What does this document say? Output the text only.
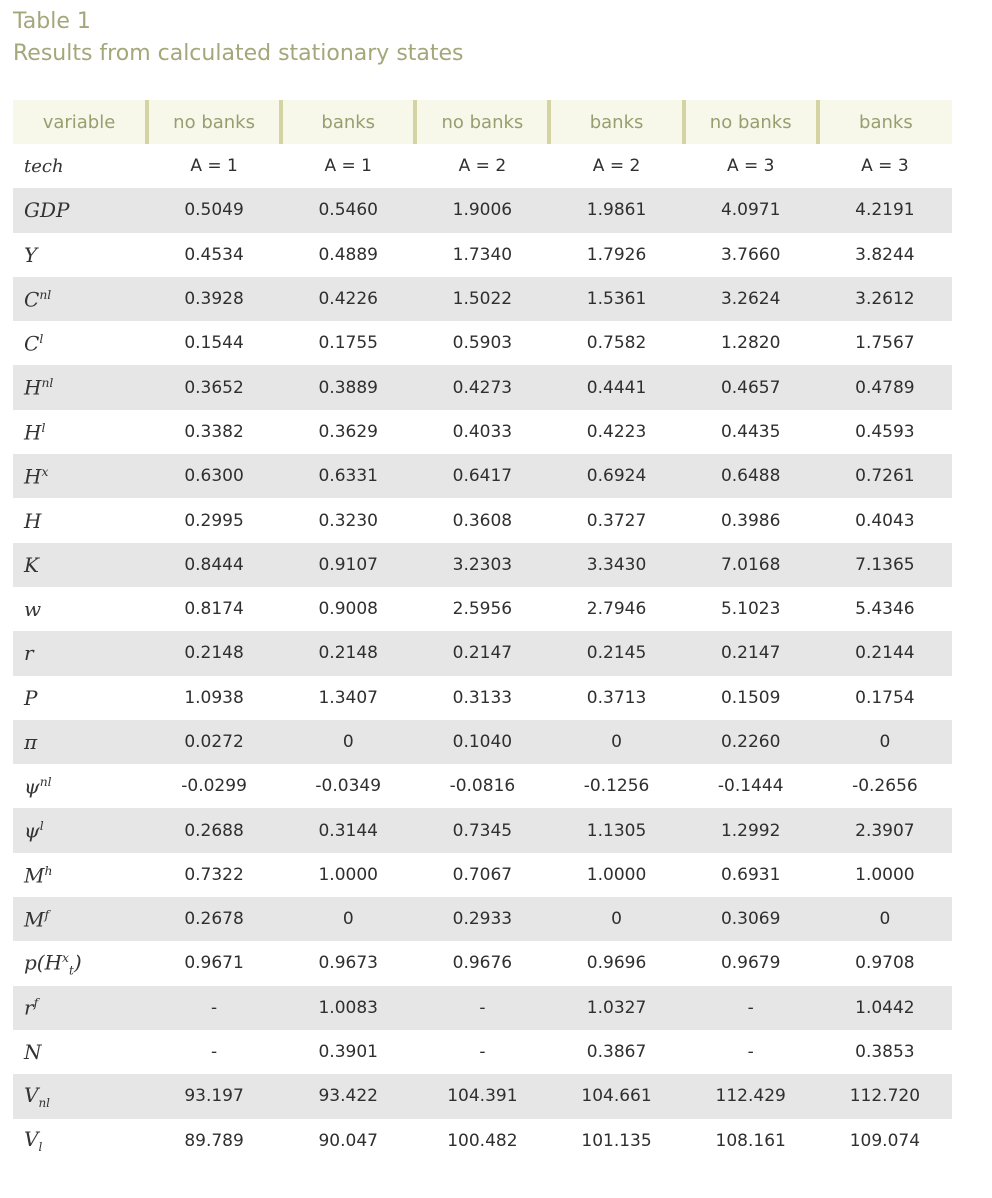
Table 1
Results from calculated stationary states
variable	no banks	banks	no banks	banks	no banks	banks
tech	A = 1	A = 1	A = 2	A = 2	A = 3	A = 3
GDP	0.5049	0.5460	1.9006	1.9861	4.0971	4.2191
Y	0.4534	0.4889	1.7340	1.7926	3.7660	3.8244
$C^{nl}$	0.3928	0.4226	1.5022	1.5361	3.2624	3.2612
$C^l$	0.1544	0.1755	0.5903	0.7582	1.2820	1.7567
$H^{nl}$	0.3652	0.3889	0.4273	0.4441	0.4657	0.4789
$H^l$	0.3382	0.3629	0.4033	0.4223	0.4435	0.4593
$H^x$	0.6300	0.6331	0.6417	0.6924	0.6488	0.7261
H	0.2995	0.3230	0.3608	0.3727	0.3986	0.4043
K	0.8444	0.9107	3.2303	3.3430	7.0168	7.1365
w	0.8174	0.9008	2.5956	2.7946	5.1023	5.4346
r	0.2148	0.2148	0.2147	0.2145	0.2147	0.2144
P	1.0938	1.3407	0.3133	0.3713	0.1509	0.1754
π	0.0272	0	0.1040	0	0.2260	0
$\psi^{nl}$	-0.0299	-0.0349	-0.0816	-0.1256	-0.1444	-0.2656
$\psi^l$	0.2688	0.3144	0.7345	1.1305	1.2992	2.3907
$M^h$	0.7322	1.0000	0.7067	1.0000	0.6931	1.0000
$M^f$	0.2678	0	0.2933	0	0.3069	0
$p(H^x_t)$	0.9671	0.9673	0.9676	0.9696	0.9679	0.9708
$r^f$	-	1.0083	-	1.0327	-	1.0442
N	-	0.3901	-	0.3867	-	0.3853
$V_{nl}$	93.197	93.422	104.391	104.661	112.429	112.720
$V_l$	89.789	90.047	100.482	101.135	108.161	109.074
